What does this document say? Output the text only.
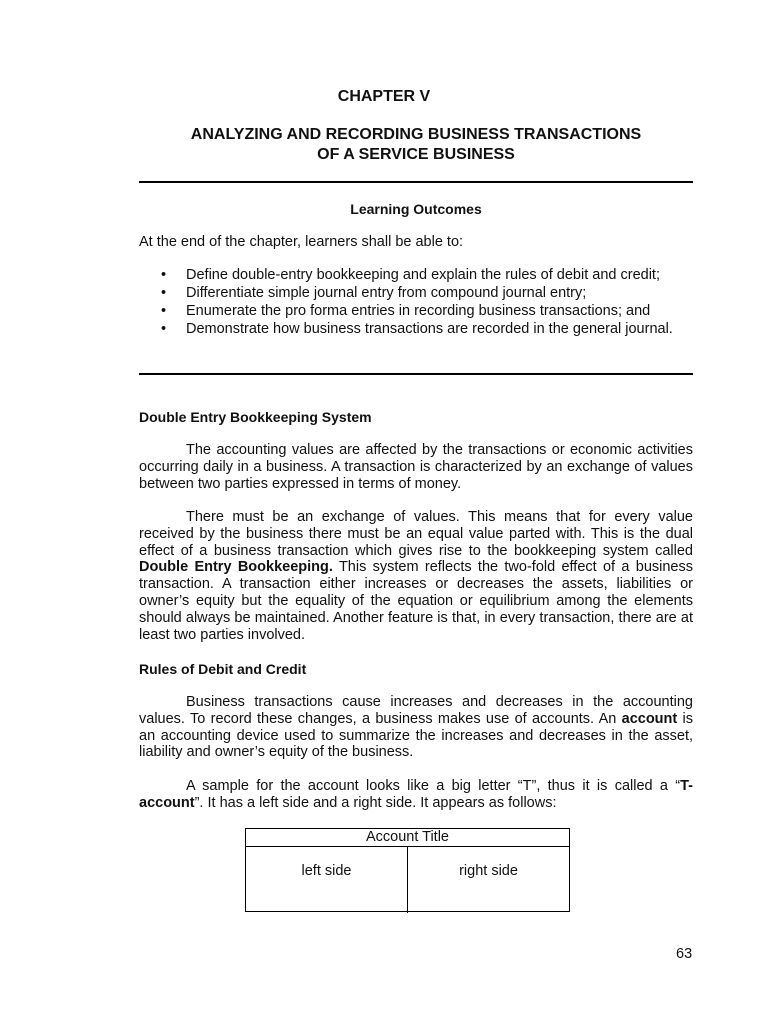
CHAPTER V
ANALYZING AND RECORDING BUSINESS TRANSACTIONS
OF A SERVICE BUSINESS
Learning Outcomes
At the end of the chapter, learners shall be able to:
• Define double-entry bookkeeping and explain the rules of debit and credit;
• Differentiate simple journal entry from compound journal entry;
• Enumerate the pro forma entries in recording business transactions; and
• Demonstrate how business transactions are recorded in the general journal.
Double Entry Bookkeeping System

The accounting values are affected by the transactions or economic activities occurring daily in a business. A transaction is characterized by an exchange of values between two parties expressed in terms of money.

There must be an exchange of values. This means that for every value received by the business there must be an equal value parted with. This is the dual effect of a business transaction which gives rise to the bookkeeping system called Double Entry Bookkeeping. This system reflects the two-fold effect of a business transaction. A transaction either increases or decreases the assets, liabilities or owner’s equity but the equality of the equation or equilibrium among the elements should always be maintained. Another feature is that, in every transaction, there are at least two parties involved.

Rules of Debit and Credit

Business transactions cause increases and decreases in the accounting values. To record these changes, a business makes use of accounts. An account is an accounting device used to summarize the increases and decreases in the asset, liability and owner’s equity of the business.

A sample for the account looks like a big letter “T”, thus it is called a “T-account”. It has a left side and a right side. It appears as follows:

Account Title
left side	right side
63
